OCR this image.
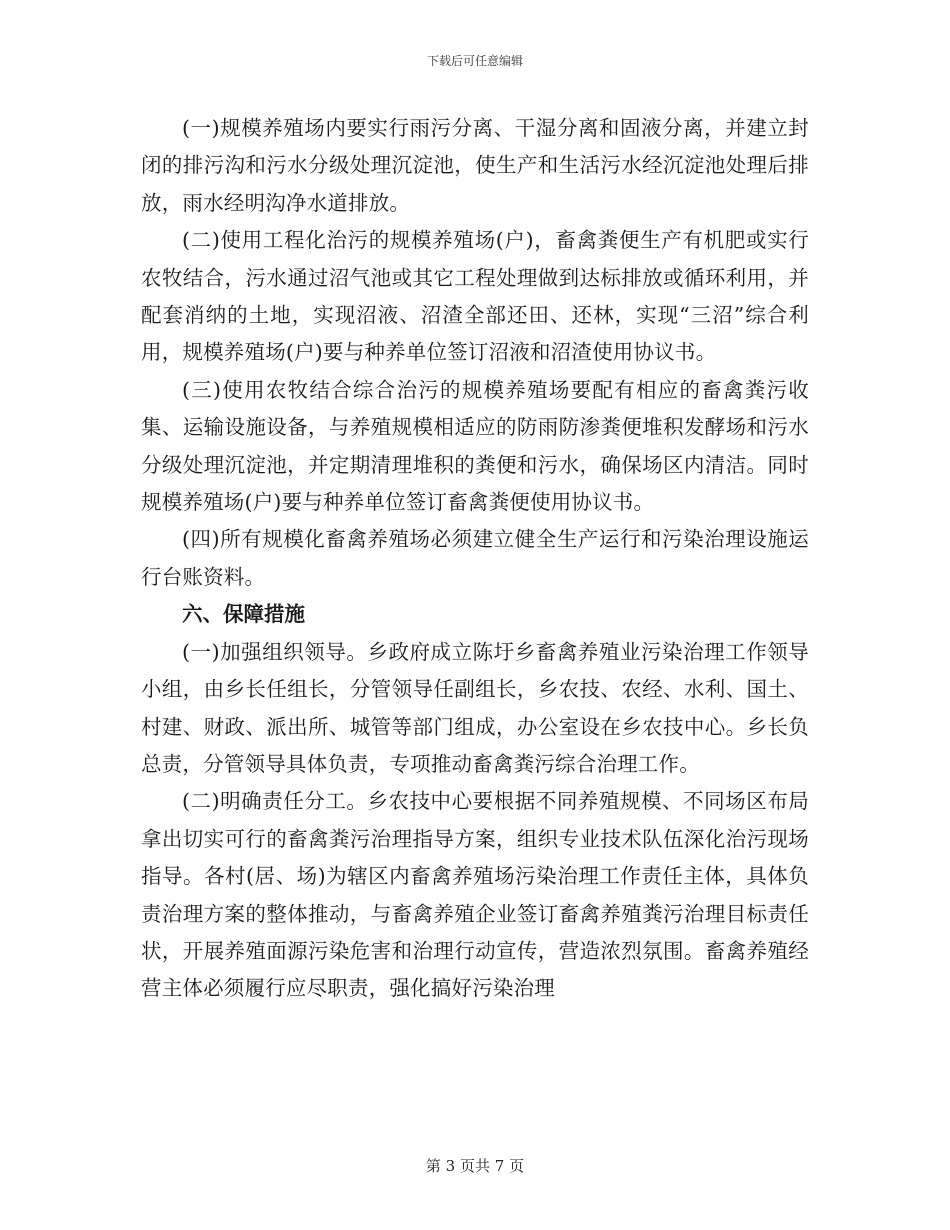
下载后可任意编辑

(一)规模养殖场内要实行雨污分离、干湿分离和固液分离，并建立封闭的排污沟和污水分级处理沉淀池，使生产和生活污水经沉淀池处理后排放，雨水经明沟净水道排放。

(二)使用工程化治污的规模养殖场(户)，畜禽粪便生产有机肥或实行农牧结合，污水通过沼气池或其它工程处理做到达标排放或循环利用，并配套消纳的土地，实现沼液、沼渣全部还田、还林，实现“三沼”综合利用，规模养殖场(户)要与种养单位签订沼液和沼渣使用协议书。

(三)使用农牧结合综合治污的规模养殖场要配有相应的畜禽粪污收集、运输设施设备，与养殖规模相适应的防雨防渗粪便堆积发酵场和污水分级处理沉淀池，并定期清理堆积的粪便和污水，确保场区内清洁。同时规模养殖场(户)要与种养单位签订畜禽粪便使用协议书。

(四)所有规模化畜禽养殖场必须建立健全生产运行和污染治理设施运行台账资料。

六、保障措施

(一)加强组织领导。乡政府成立陈圩乡畜禽养殖业污染治理工作领导小组，由乡长任组长，分管领导任副组长，乡农技、农经、水利、国土、村建、财政、派出所、城管等部门组成，办公室设在乡农技中心。乡长负总责，分管领导具体负责，专项推动畜禽粪污综合治理工作。

(二)明确责任分工。乡农技中心要根据不同养殖规模、不同场区布局拿出切实可行的畜禽粪污治理指导方案，组织专业技术队伍深化治污现场指导。各村(居、场)为辖区内畜禽养殖场污染治理工作责任主体，具体负责治理方案的整体推动，与畜禽养殖企业签订畜禽养殖粪污治理目标责任状，开展养殖面源污染危害和治理行动宣传，营造浓烈氛围。畜禽养殖经营主体必须履行应尽职责，强化搞好污染治理

第 3 页共 7 页
